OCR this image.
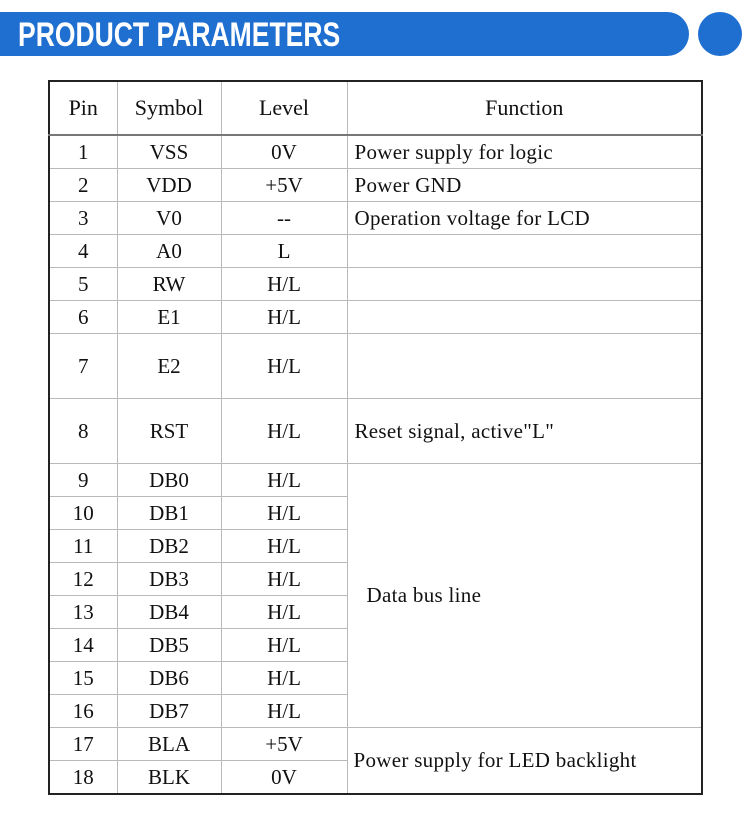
PRODUCT PARAMETERS
Pin	Symbol	Level	Function
1	VSS	0V	Power supply for logic
2	VDD	+5V	Power GND
3	V0	--	Operation voltage for LCD
4	A0	L	
5	RW	H/L	
6	E1	H/L	
7	E2	H/L	
8	RST	H/L	Reset signal, active"L"
9	DB0	H/L	Data bus line
10	DB1	H/L	
11	DB2	H/L	
12	DB3	H/L	
13	DB4	H/L	
14	DB5	H/L	
15	DB6	H/L	
16	DB7	H/L	
17	BLA	+5V	Power supply for LED backlight
18	BLK	0V	
